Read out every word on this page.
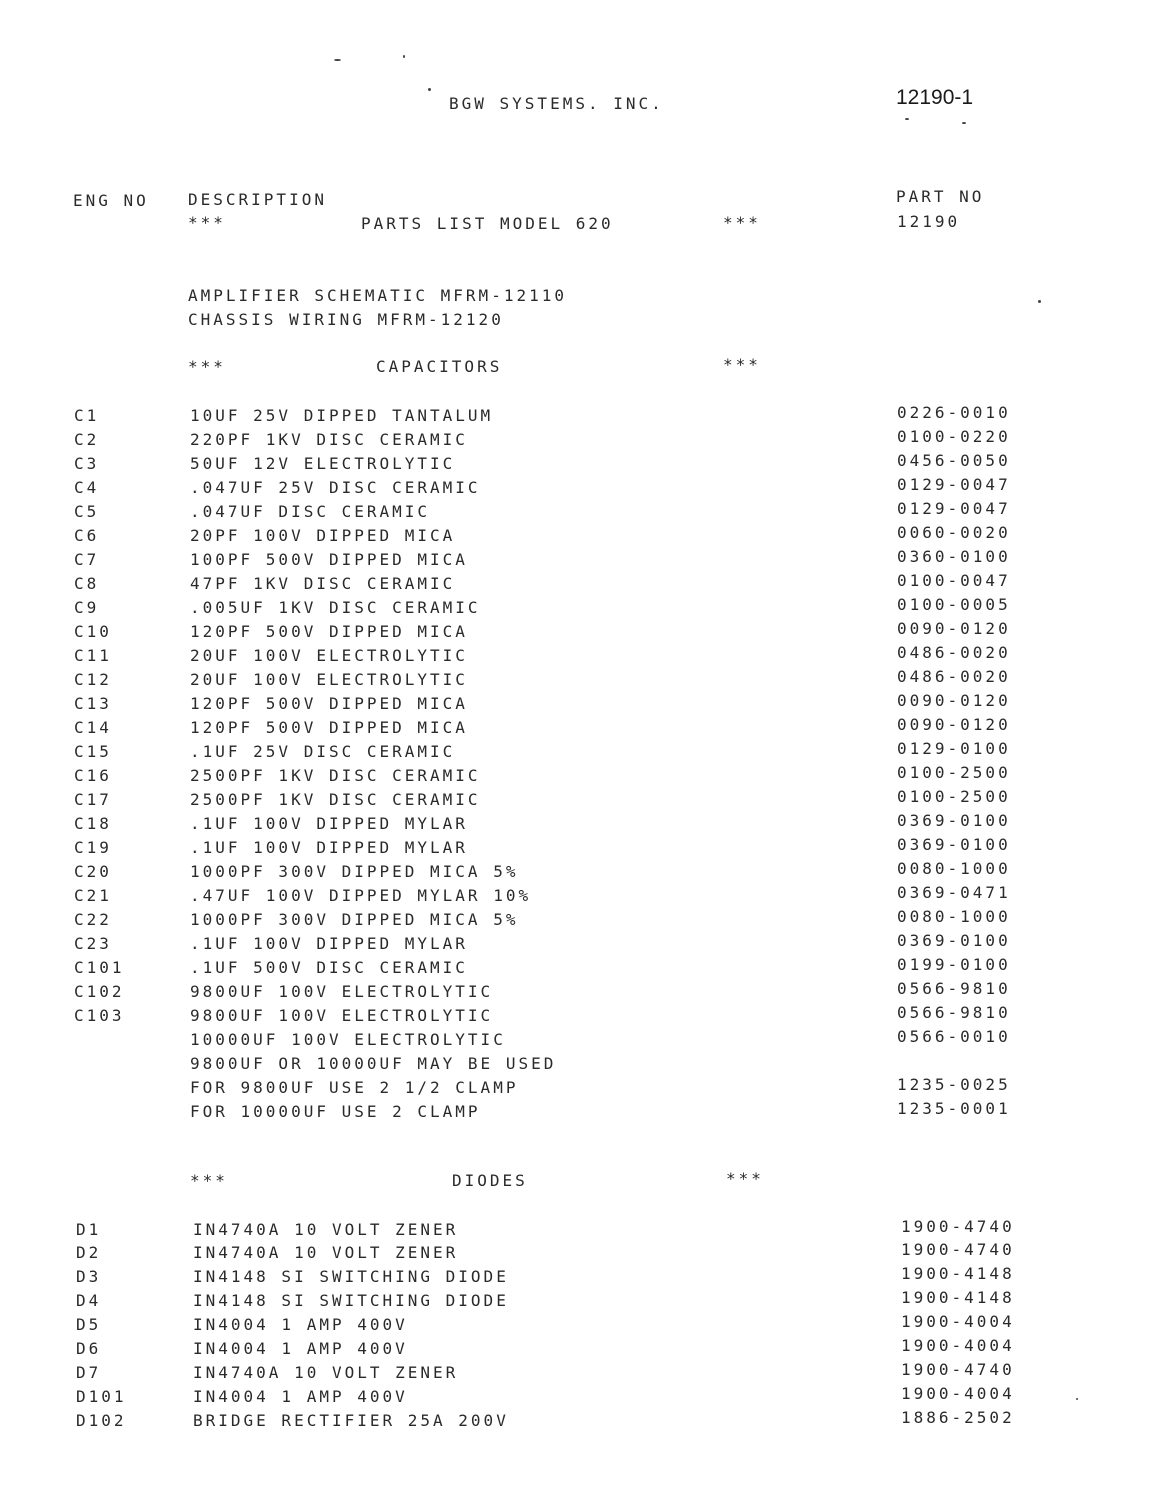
BGW SYSTEMS. INC.	12190-1
ENG NO DESCRIPTION	PART NO
***	PARTS LIST MODEL 620	***	12190
AMPLIFIER SCHEMATIC MFRM-12110
CHASSIS WIRING MFRM-12120
***	CAPACITORS	***
C1	10UF 25V DIPPED TANTALUM	0226-0010
C2	220PF 1KV DISC CERAMIC	0100-0220
C3	50UF 12V ELECTROLYTIC	0456-0050
C4	.047UF 25V DISC CERAMIC	0129-0047
C5	.047UF DISC CERAMIC	0129-0047
C6	20PF 100V DIPPED MICA	0060-0020
C7	100PF 500V DIPPED MICA	0360-0100
C8	47PF 1KV DISC CERAMIC	0100-0047
C9	.005UF 1KV DISC CERAMIC	0100-0005
C10	120PF 500V DIPPED MICA	0090-0120
C11	20UF 100V ELECTROLYTIC	0486-0020
C12	20UF 100V ELECTROLYTIC	0486-0020
C13	120PF 500V DIPPED MICA	0090-0120
C14	120PF 500V DIPPED MICA	0090-0120
C15	.1UF 25V DISC CERAMIC	0129-0100
C16	2500PF 1KV DISC CERAMIC	0100-2500
C17	2500PF 1KV DISC CERAMIC	0100-2500
C18	.1UF 100V DIPPED MYLAR	0369-0100
C19	.1UF 100V DIPPED MYLAR	0369-0100
C20	1000PF 300V DIPPED MICA 5%	0080-1000
C21	.47UF 100V DIPPED MYLAR 10%	0369-0471
C22	1000PF 300V DIPPED MICA 5%	0080-1000
C23	.1UF 100V DIPPED MYLAR	0369-0100
C101	.1UF 500V DISC CERAMIC	0199-0100
C102	9800UF 100V ELECTROLYTIC	0566-9810
C103	9800UF 100V ELECTROLYTIC	0566-9810
10000UF 100V ELECTROLYTIC	0566-0010
9800UF OR 10000UF MAY BE USED
FOR 9800UF USE 2 1/2 CLAMP	1235-0025
FOR 10000UF USE 2 CLAMP	1235-0001
***	DIODES	***
D1	IN4740A 10 VOLT ZENER	1900-4740
D2	IN4740A 10 VOLT ZENER	1900-4740
D3	IN4148 SI SWITCHING DIODE	1900-4148
D4	IN4148 SI SWITCHING DIODE	1900-4148
D5	IN4004 1 AMP 400V	1900-4004
D6	IN4004 1 AMP 400V	1900-4004
D7	IN4740A 10 VOLT ZENER	1900-4740
D101	IN4004 1 AMP 400V	1900-4004
D102	BRIDGE RECTIFIER 25A 200V	1886-2502
